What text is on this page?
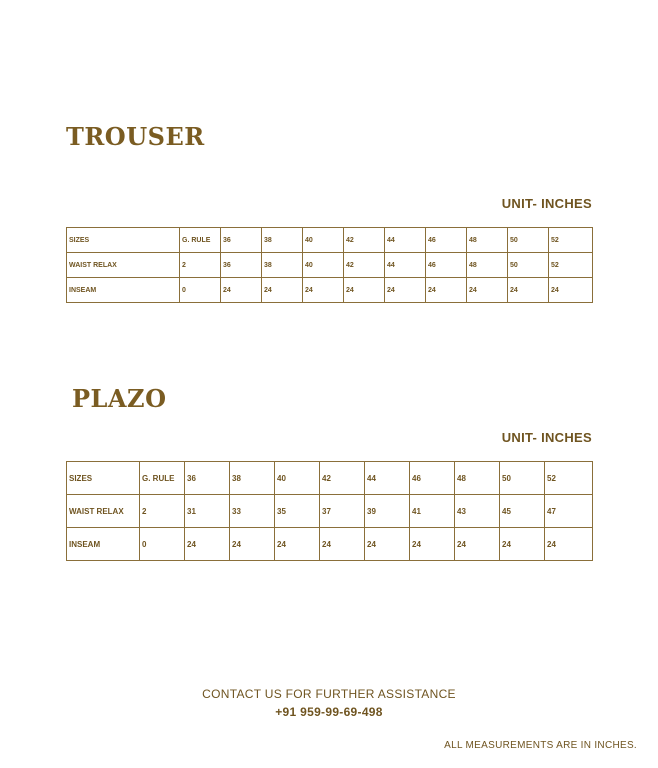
TROUSER
UNIT- INCHES
SIZES	G. RULE	36	38	40	42	44	46	48	50	52
WAIST RELAX	2	36	38	40	42	44	46	48	50	52
INSEAM	0	24	24	24	24	24	24	24	24	24
PLAZO
UNIT- INCHES
SIZES	G. RULE	36	38	40	42	44	46	48	50	52
WAIST RELAX	2	31	33	35	37	39	41	43	45	47
INSEAM	0	24	24	24	24	24	24	24	24	24
CONTACT US FOR FURTHER ASSISTANCE
+91 959-99-69-498
ALL MEASUREMENTS ARE IN INCHES.
